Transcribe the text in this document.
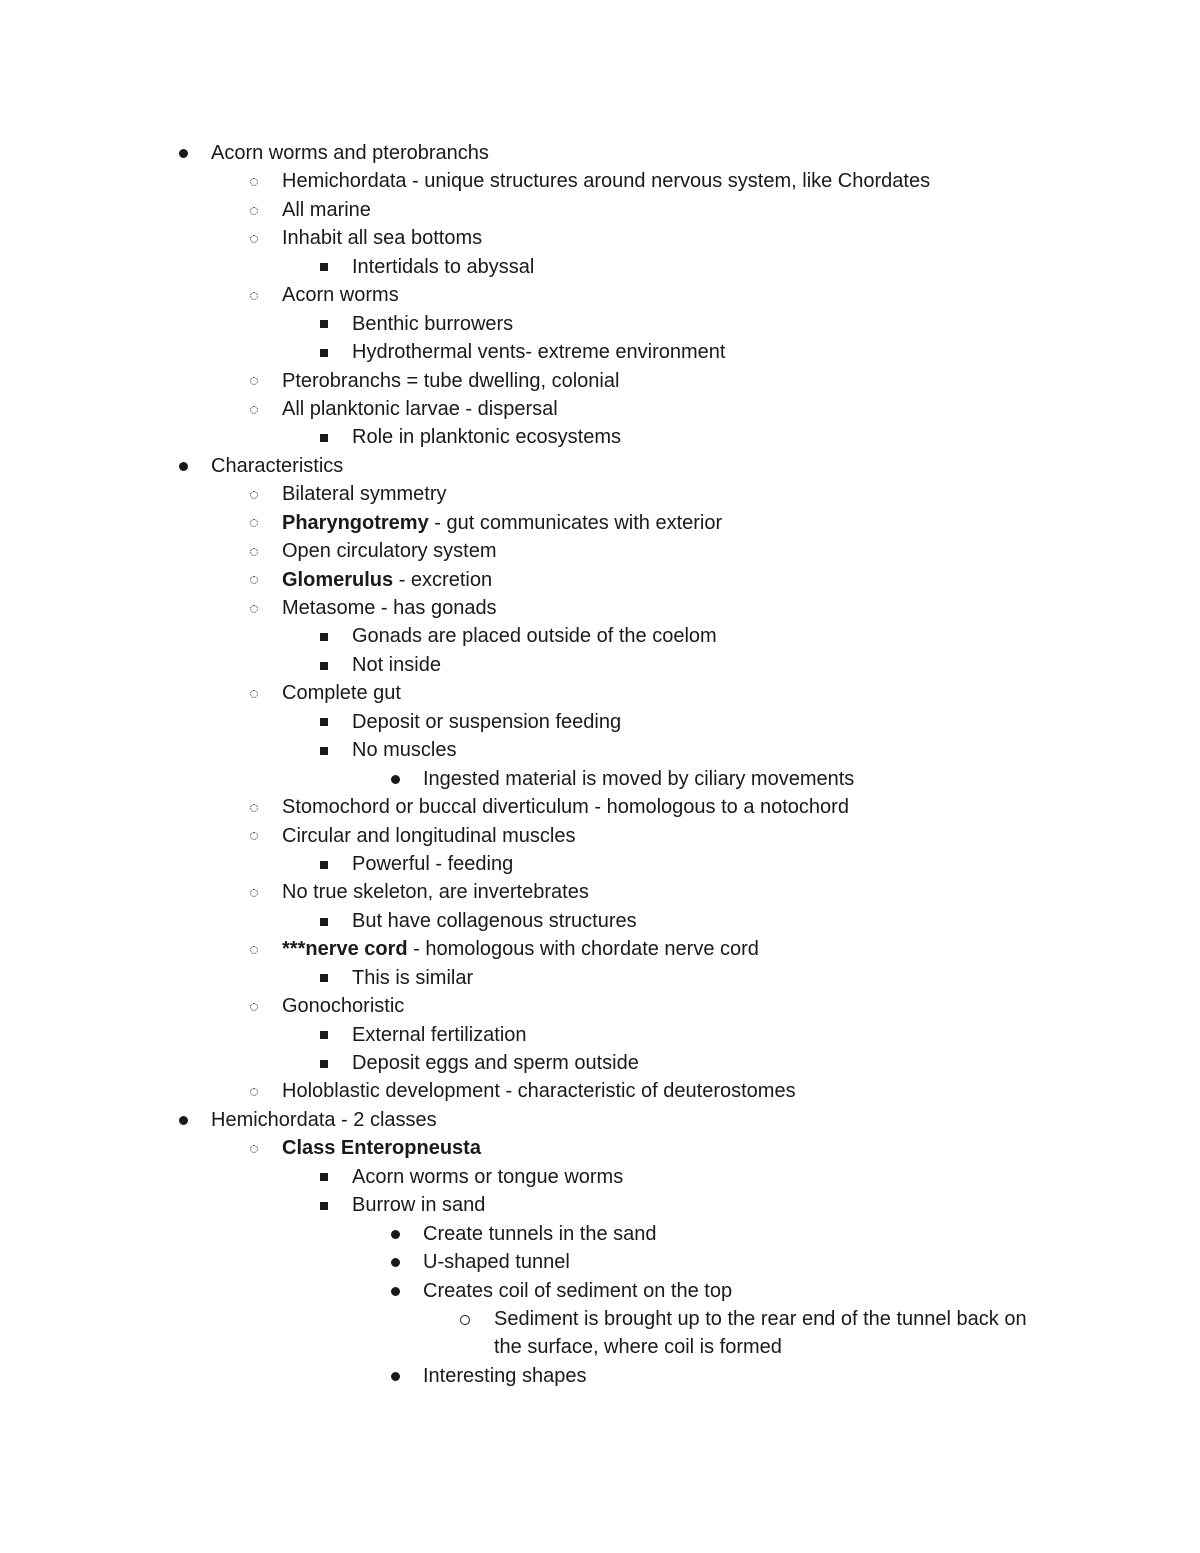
Acorn worms and pterobranchs
Hemichordata - unique structures around nervous system, like Chordates
All marine
Inhabit all sea bottoms
Intertidals to abyssal
Acorn worms
Benthic burrowers
Hydrothermal vents- extreme environment
Pterobranchs = tube dwelling, colonial
All planktonic larvae - dispersal
Role in planktonic ecosystems
Characteristics
Bilateral symmetry
Pharyngotremy - gut communicates with exterior
Open circulatory system
Glomerulus - excretion
Metasome - has gonads
Gonads are placed outside of the coelom
Not inside
Complete gut
Deposit or suspension feeding
No muscles
Ingested material is moved by ciliary movements
Stomochord or buccal diverticulum - homologous to a notochord
Circular and longitudinal muscles
Powerful - feeding
No true skeleton, are invertebrates
But have collagenous structures
***nerve cord - homologous with chordate nerve cord
This is similar
Gonochoristic
External fertilization
Deposit eggs and sperm outside
Holoblastic development - characteristic of deuterostomes
Hemichordata - 2 classes
Class Enteropneusta
Acorn worms or tongue worms
Burrow in sand
Create tunnels in the sand
U-shaped tunnel
Creates coil of sediment on the top
Sediment is brought up to the rear end of the tunnel back on the surface, where coil is formed
Interesting shapes
